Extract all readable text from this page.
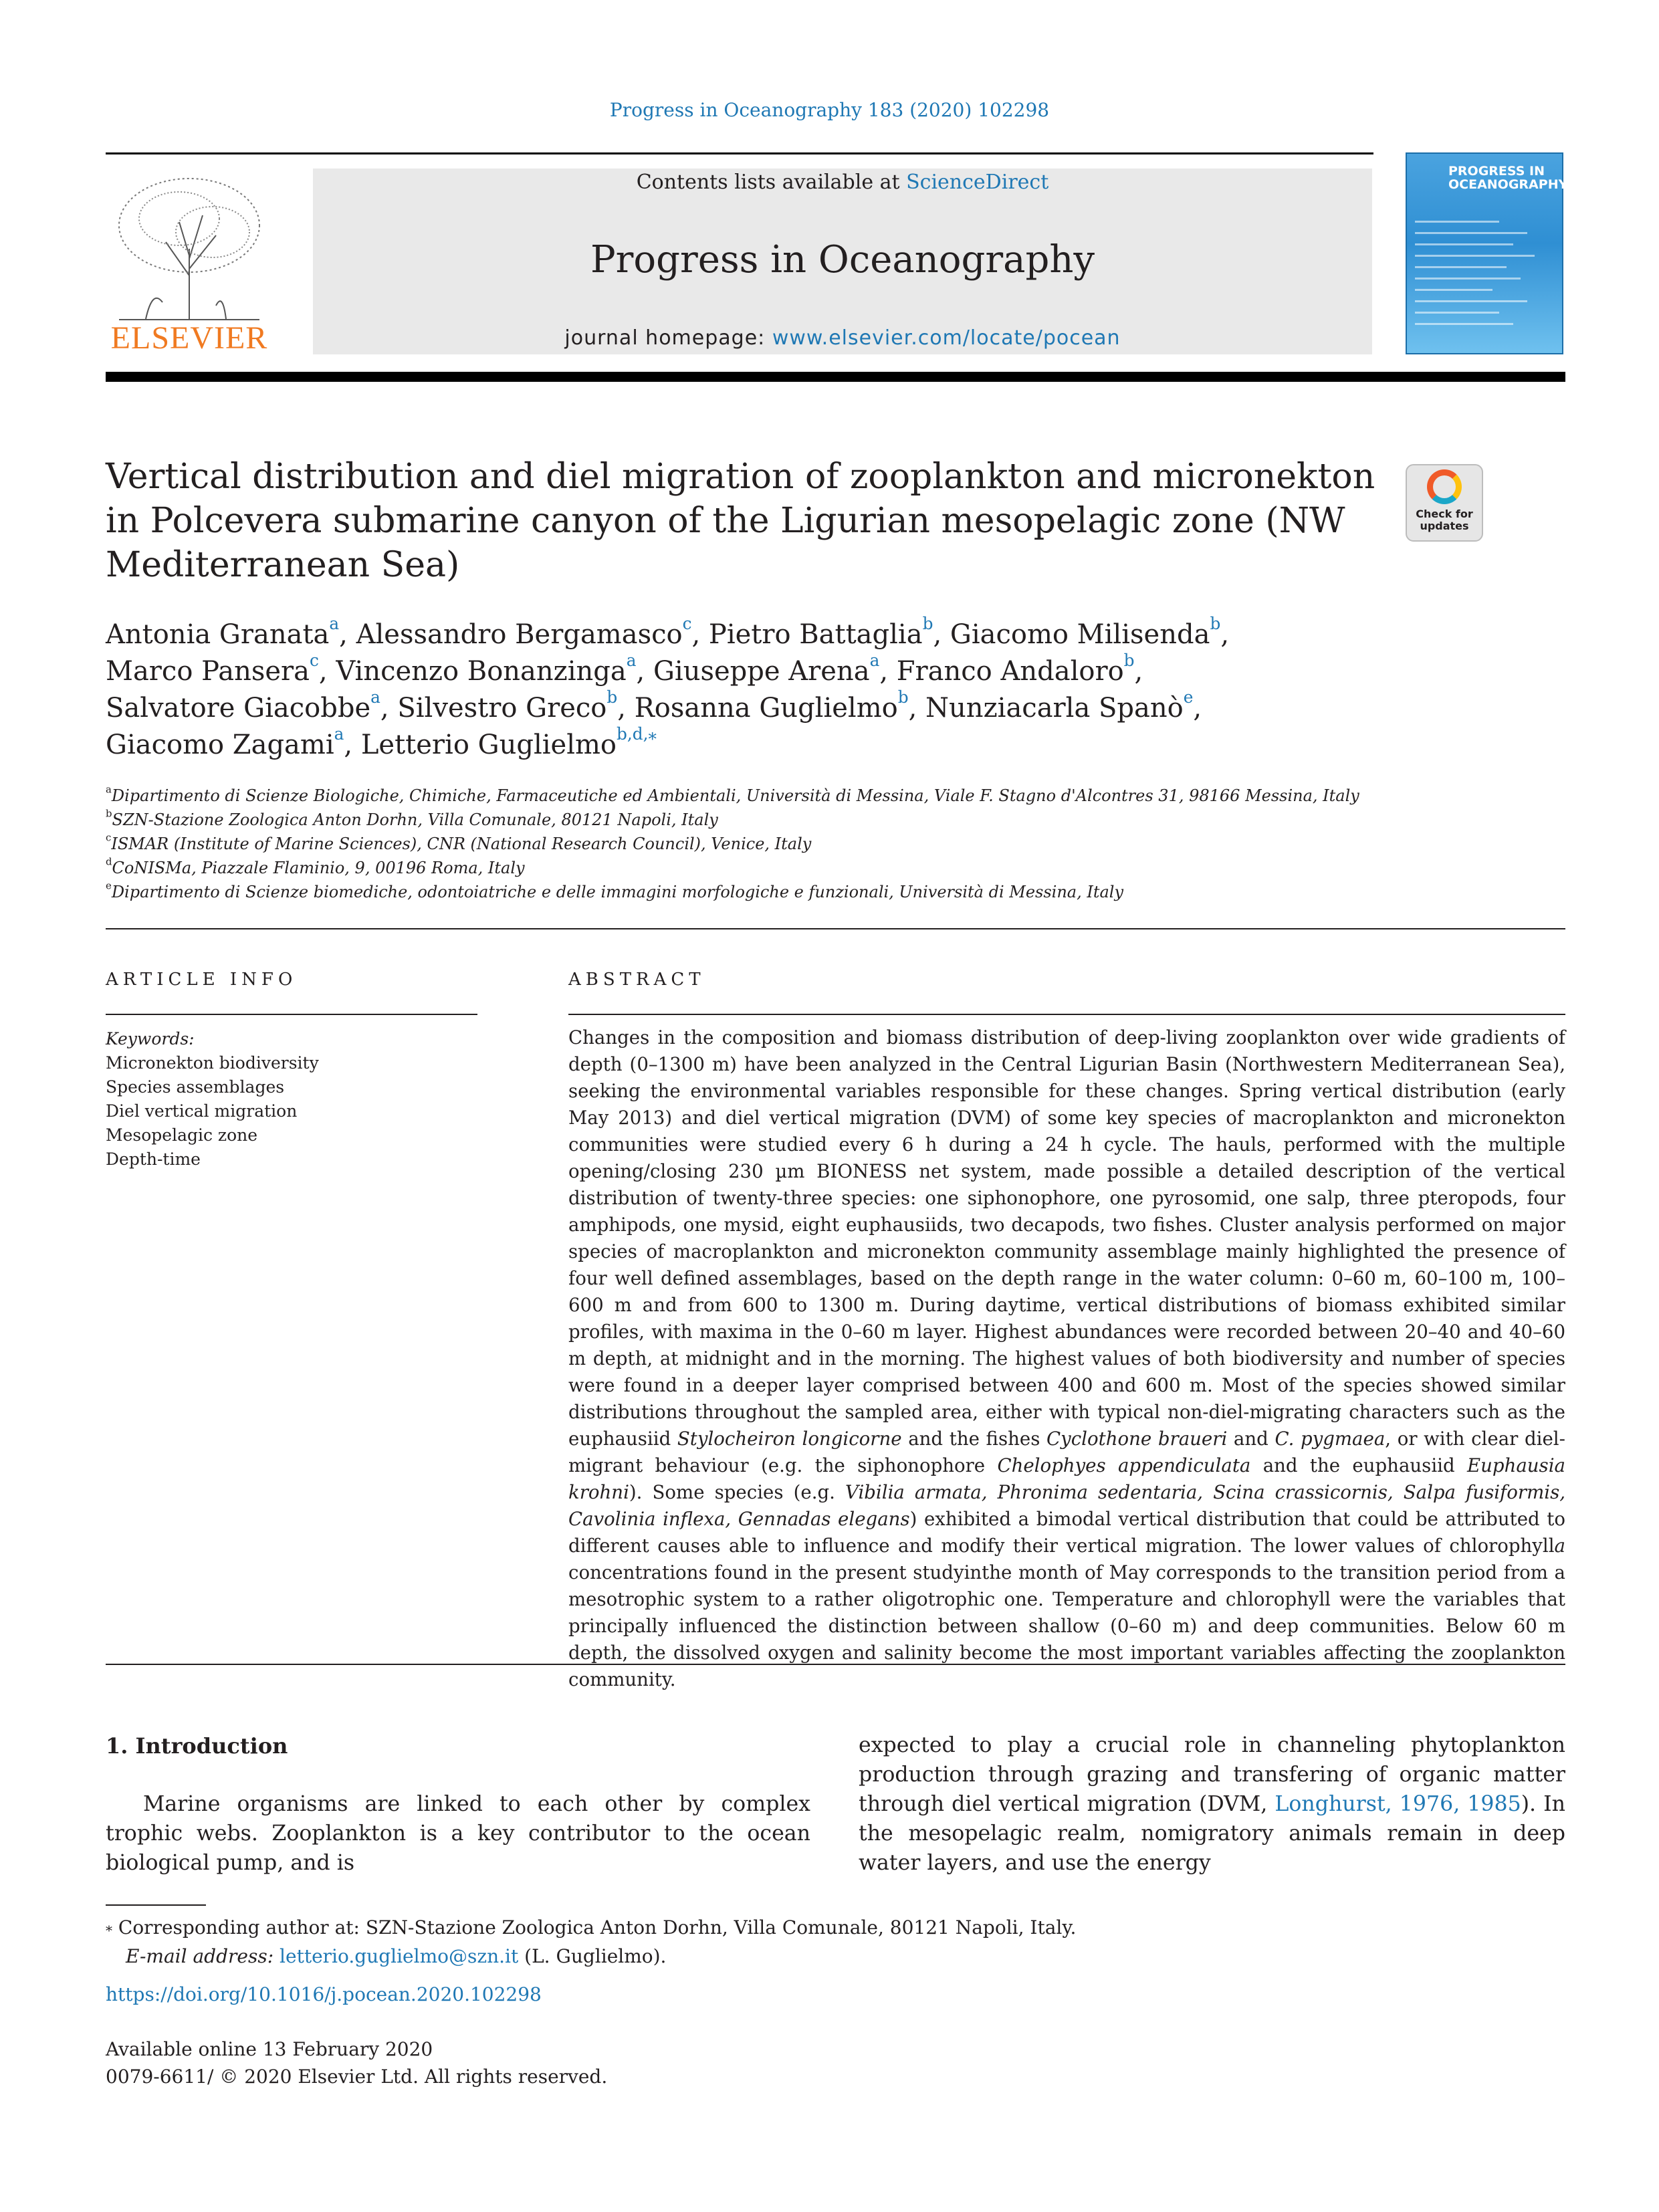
Progress in Oceanography 183 (2020) 102298
ELSEVIER
Contents lists available at ScienceDirect
Progress in Oceanography
journal homepage: www.elsevier.com/locate/pocean
PROGRESS IN OCEANOGRAPHY
Vertical distribution and diel migration of zooplankton and micronekton in Polcevera submarine canyon of the Ligurian mesopelagic zone (NW Mediterranean Sea)
Check for
updates
Antonia Granata$^a$, Alessandro Bergamasco$^c$, Pietro Battaglia$^b$, Giacomo Milisenda$^b$,
Marco Pansera$^c$, Vincenzo Bonanzinga$^a$, Giuseppe Arena$^a$, Franco Andaloro$^b$,
Salvatore Giacobbe$^a$, Silvestro Greco$^b$, Rosanna Guglielmo$^b$, Nunziacarla Spanò$^e$,
Giacomo Zagami$^a$, Letterio Guglielmo$^{b,d,⁎}$
$^a$Dipartimento di Scienze Biologiche, Chimiche, Farmaceutiche ed Ambientali, Università di Messina, Viale F. Stagno d'Alcontres 31, 98166 Messina, Italy
$^b$SZN-Stazione Zoologica Anton Dorhn, Villa Comunale, 80121 Napoli, Italy
$^c$ISMAR (Institute of Marine Sciences), CNR (National Research Council), Venice, Italy
$^d$CoNISMa, Piazzale Flaminio, 9, 00196 Roma, Italy
$^e$Dipartimento di Scienze biomediche, odontoiatriche e delle immagini morfologiche e funzionali, Università di Messina, Italy
ARTICLE INFO
Keywords:
Micronekton biodiversity
Species assemblages
Diel vertical migration
Mesopelagic zone
Depth-time
ABSTRACT
Changes in the composition and biomass distribution of deep-living zooplankton over wide gradients of depth (0–1300 m) have been analyzed in the Central Ligurian Basin (Northwestern Mediterranean Sea), seeking the environmental variables responsible for these changes. Spring vertical distribution (early May 2013) and diel vertical migration (DVM) of some key species of macroplankton and micronekton communities were studied every 6 h during a 24 h cycle. The hauls, performed with the multiple opening/closing 230 µm BIONESS net system, made possible a detailed description of the vertical distribution of twenty-three species: one siphonophore, one pyrosomid, one salp, three pteropods, four amphipods, one mysid, eight euphausiids, two decapods, two fishes. Cluster analysis performed on major species of macroplankton and micronekton community assemblage mainly highlighted the presence of four well defined assemblages, based on the depth range in the water column: 0–60 m, 60–100 m, 100–600 m and from 600 to 1300 m. During daytime, vertical distributions of biomass exhibited similar profiles, with maxima in the 0–60 m layer. Highest abundances were recorded between 20–40 and 40–60 m depth, at midnight and in the morning. The highest values of both biodiversity and number of species were found in a deeper layer comprised between 400 and 600 m. Most of the species showed similar distributions throughout the sampled area, either with typical non-diel-migrating characters such as the euphausiid Stylocheiron longicorne and the fishes Cyclothone braueri and C. pygmaea, or with clear diel-migrant behaviour (e.g. the siphonophore Chelophyes appendiculata and the euphausiid Euphausia krohni). Some species (e.g. Vibilia armata, Phronima sedentaria, Scina crassicornis, Salpa fusiformis, Cavolinia inflexa, Gennadas elegans) exhibited a bimodal vertical distribution that could be attributed to different causes able to influence and modify their vertical migration. The lower values of chlorophylla concentrations found in the present studyinthe month of May corresponds to the transition period from a mesotrophic system to a rather oligotrophic one. Temperature and chlorophyll were the variables that principally influenced the distinction between shallow (0–60 m) and deep communities. Below 60 m depth, the dissolved oxygen and salinity become the most important variables affecting the zooplankton community.
1. Introduction
Marine organisms are linked to each other by complex trophic webs. Zooplankton is a key contributor to the ocean biological pump, and is
expected to play a crucial role in channeling phytoplankton production through grazing and transfering of organic matter through diel vertical migration (DVM, Longhurst, 1976, 1985). In the mesopelagic realm, nomigratory animals remain in deep water layers, and use the energy
⁎ Corresponding author at: SZN-Stazione Zoologica Anton Dorhn, Villa Comunale, 80121 Napoli, Italy.
E-mail address: letterio.guglielmo@szn.it (L. Guglielmo).
https://doi.org/10.1016/j.pocean.2020.102298
Available online 13 February 2020
0079-6611/ © 2020 Elsevier Ltd. All rights reserved.
